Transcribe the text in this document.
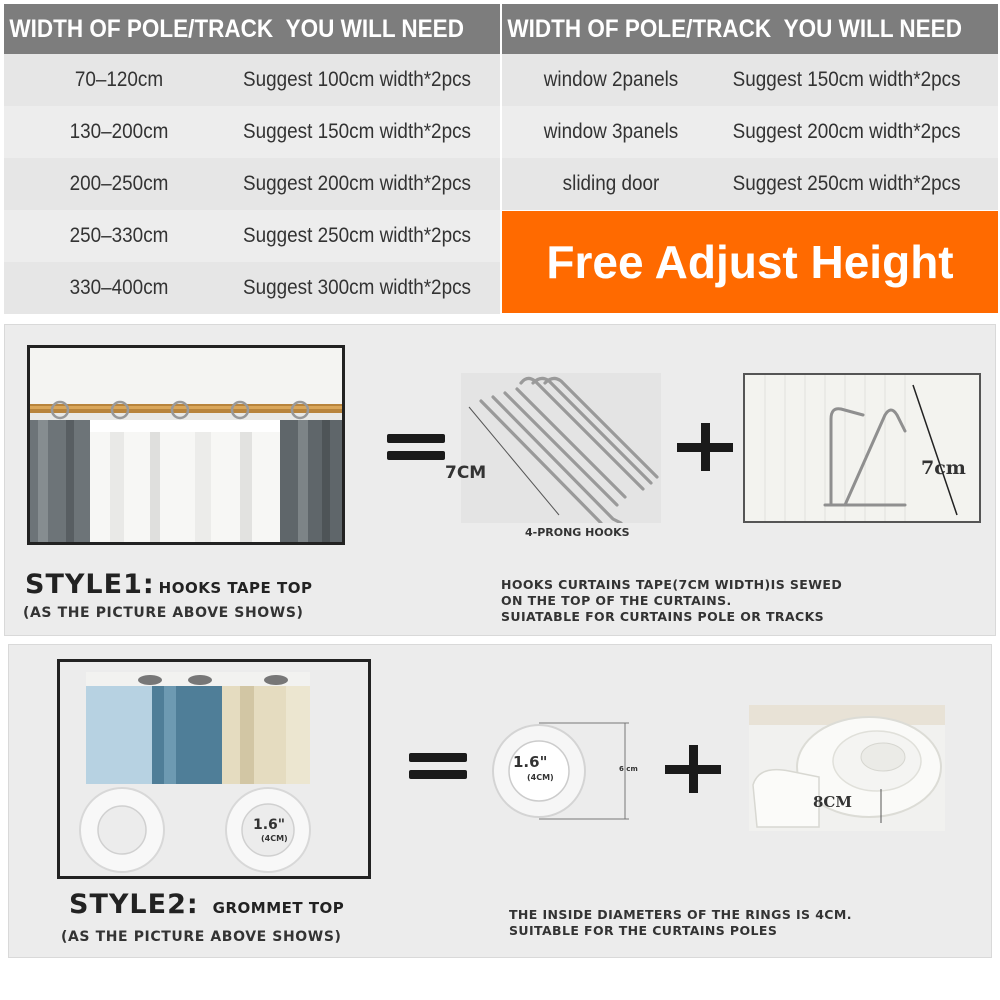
WIDTH OF POLE/TRACK YOU WILL NEED
70–120cm	Suggest 100cm width*2pcs
130–200cm	Suggest 150cm width*2pcs
200–250cm	Suggest 200cm width*2pcs
250–330cm	Suggest 250cm width*2pcs
330–400cm	Suggest 300cm width*2pcs
WIDTH OF POLE/TRACK YOU WILL NEED
window 2panels	Suggest 150cm width*2pcs
window 3panels	Suggest 200cm width*2pcs
sliding door	Suggest 250cm width*2pcs
Free Adjust Height
7CM
4-PRONG HOOKS
7cm
STYLE1: HOOKS TAPE TOP
(AS THE PICTURE ABOVE SHOWS)
HOOKS CURTAINS TAPE(7CM WIDTH)IS SEWED
ON THE TOP OF THE CURTAINS.
SUIATABLE FOR CURTAINS POLE OR TRACKS
1.6"
(4CM)
1.6"
(4CM)
6 cm
8CM
STYLE2: GROMMET TOP
(AS THE PICTURE ABOVE SHOWS)
THE INSIDE DIAMETERS OF THE RINGS IS 4CM.
SUITABLE FOR THE CURTAINS POLES
